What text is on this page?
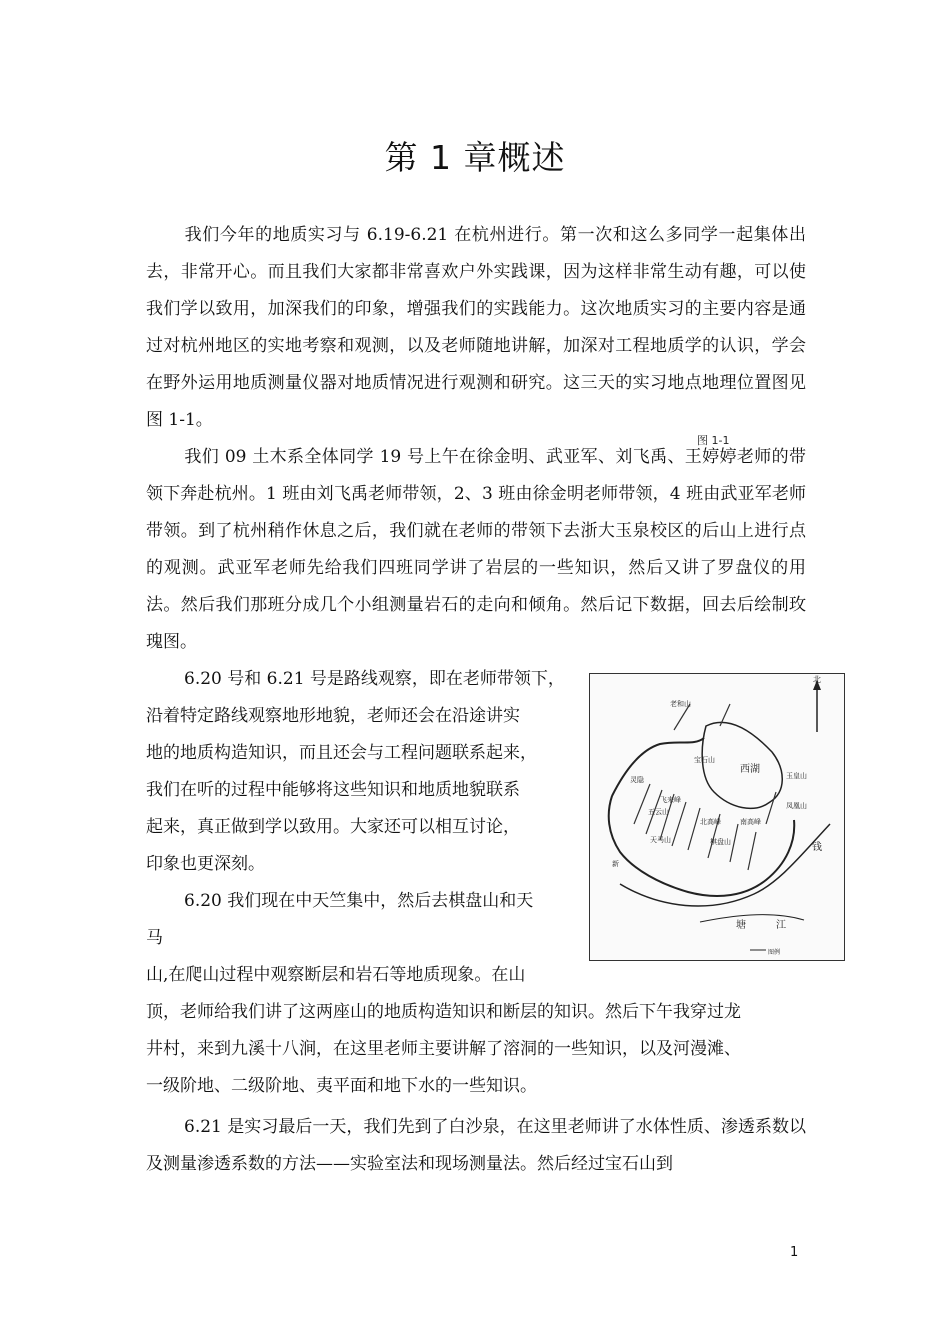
第 1 章概述

我们今年的地质实习与 6.19-6.21 在杭州进行。第一次和这么多同学一起集体出去，非常开心。而且我们大家都非常喜欢户外实践课，因为这样非常生动有趣，可以使我们学以致用，加深我们的印象，增强我们的实践能力。这次地质实习的主要内容是通过对杭州地区的实地考察和观测，以及老师随地讲解，加深对工程地质学的认识，学会在野外运用地质测量仪器对地质情况进行观测和研究。这三天的实习地点地理位置图见图 1-1。

图 1-1

我们 09 土木系全体同学 19 号上午在徐金明、武亚军、刘飞禹、王婷婷老师的带领下奔赴杭州。1 班由刘飞禹老师带领，2、3 班由徐金明老师带领，4 班由武亚军老师带领。到了杭州稍作休息之后，我们就在老师的带领下去浙大玉泉校区的后山上进行点的观测。武亚军老师先给我们四班同学讲了岩层的一些知识，然后又讲了罗盘仪的用法。然后我们那班分成几个小组测量岩石的走向和倾角。然后记下数据，回去后绘制玫瑰图。

6.20 号和 6.21 号是路线观察，即在老师带领下，

沿着特定路线观察地形地貌，老师还会在沿途讲实

地的地质构造知识，而且还会与工程问题联系起来，

我们在听的过程中能够将这些知识和地质地貌联系

起来，真正做到学以致用。大家还可以相互讨论，

印象也更深刻。

6.20 我们现在中天竺集中，然后去棋盘山和天

马

山,在爬山过程中观察断层和岩石等地质现象。在山

顶，老师给我们讲了这两座山的地质构造知识和断层的知识。然后下午我穿过龙

井村，来到九溪十八涧，在这里老师主要讲解了溶洞的一些知识，以及河漫滩、

一级阶地、二级阶地、夷平面和地下水的一些知识。

6.21 是实习最后一天，我们先到了白沙泉，在这里老师讲了水体性质、渗透系数以及测量渗透系数的方法——实验室法和现场测量法。然后经过宝石山到

北
老和山
宝石山
灵隐
五云山
天马山	棋盘山
飞来峰
北高峰	南高峰
玉皇山
凤凰山
钱
塘	江
西湖
新
图例
1
